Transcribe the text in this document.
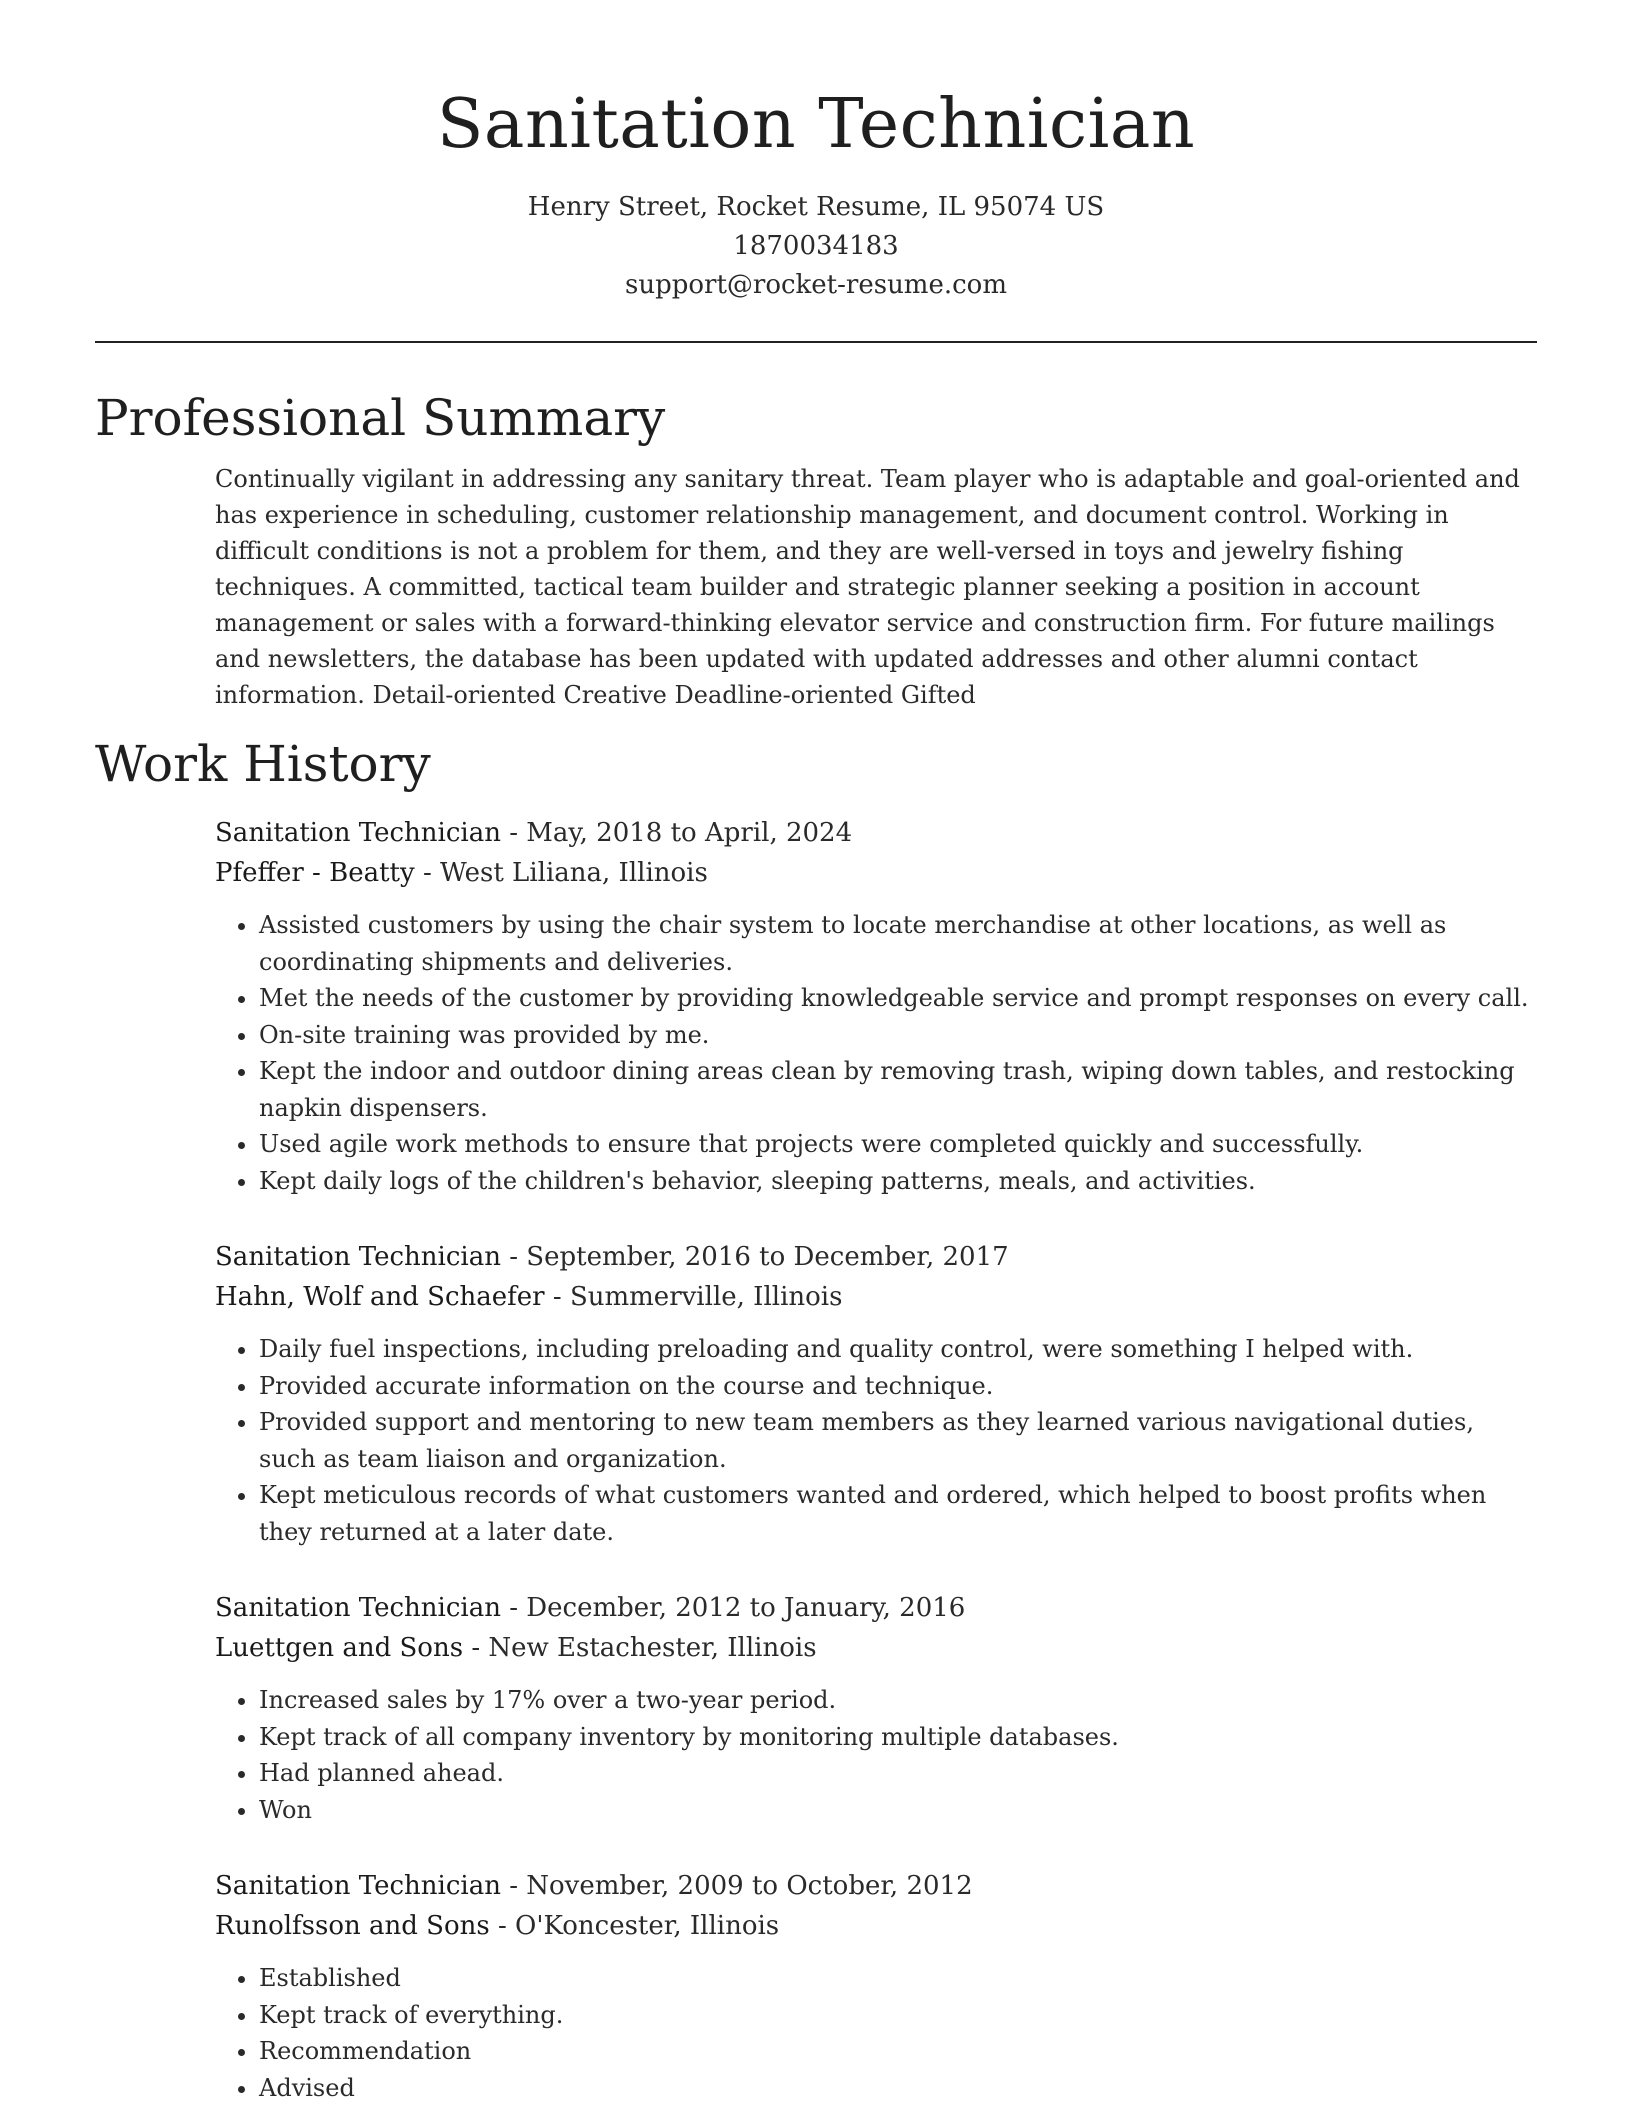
Sanitation Technician
Henry Street, Rocket Resume, IL 95074 US
1870034183
support@rocket-resume.com
Professional Summary

Continually vigilant in addressing any sanitary threat. Team player who is adaptable and goal-oriented and has experience in scheduling, customer relationship management, and document control. Working in difficult conditions is not a problem for them, and they are well-versed in toys and jewelry fishing techniques. A committed, tactical team builder and strategic planner seeking a position in account management or sales with a forward-thinking elevator service and construction firm. For future mailings and newsletters, the database has been updated with updated addresses and other alumni contact information. Detail-oriented Creative Deadline-oriented Gifted

Work History
Sanitation Technician - May, 2018 to April, 2024
Pfeffer - Beatty - West Liliana, Illinois
• Assisted customers by using the chair system to locate merchandise at other locations, as well as coordinating shipments and deliveries.
• Met the needs of the customer by providing knowledgeable service and prompt responses on every call.
• On-site training was provided by me.
• Kept the indoor and outdoor dining areas clean by removing trash, wiping down tables, and restocking napkin dispensers.
• Used agile work methods to ensure that projects were completed quickly and successfully.
• Kept daily logs of the children's behavior, sleeping patterns, meals, and activities.
Sanitation Technician - September, 2016 to December, 2017
Hahn, Wolf and Schaefer - Summerville, Illinois
• Daily fuel inspections, including preloading and quality control, were something I helped with.
• Provided accurate information on the course and technique.
• Provided support and mentoring to new team members as they learned various navigational duties, such as team liaison and organization.
• Kept meticulous records of what customers wanted and ordered, which helped to boost profits when they returned at a later date.
Sanitation Technician - December, 2012 to January, 2016
Luettgen and Sons - New Estachester, Illinois
• Increased sales by 17% over a two-year period.
• Kept track of all company inventory by monitoring multiple databases.
• Had planned ahead.
• Won
Sanitation Technician - November, 2009 to October, 2012
Runolfsson and Sons - O'Koncester, Illinois
• Established
• Kept track of everything.
• Recommendation
• Advised
